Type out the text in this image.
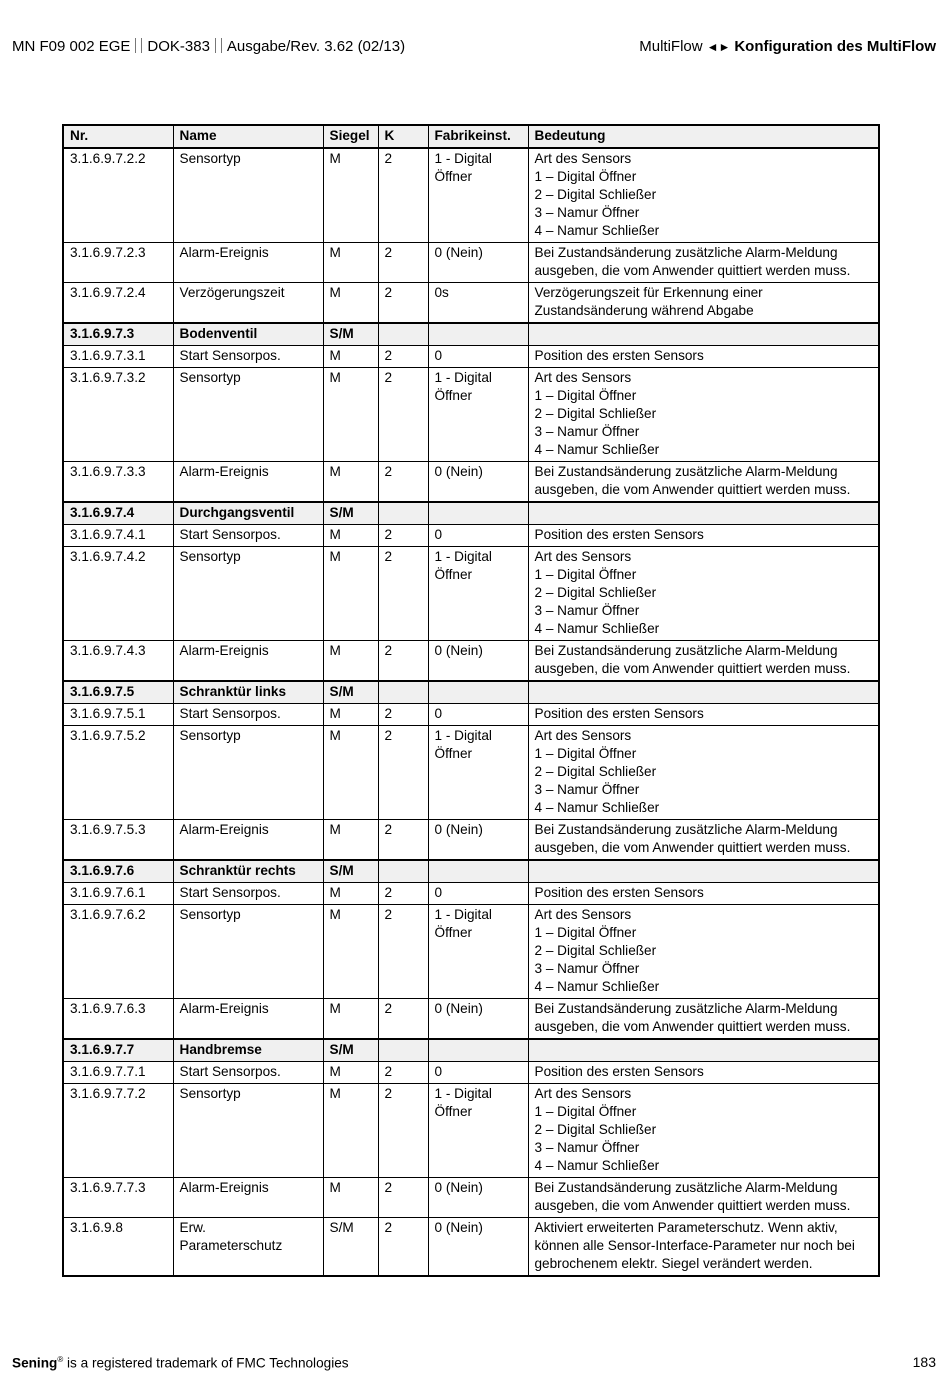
MN F09 002 EGE DOK-383 Ausgabe/Rev. 3.62 (02/13)	MultiFlow ◄► Konfiguration des MultiFlow
Nr.	Name	Siegel	K	Fabrikeinst.	Bedeutung
3.1.6.9.7.2.2	Sensortyp	M	2	1 - Digital
Öffner	Art des Sensors
1 – Digital Öffner
2 – Digital Schließer
3 – Namur Öffner
4 – Namur Schließer
3.1.6.9.7.2.3	Alarm-Ereignis	M	2	0 (Nein)	Bei Zustandsänderung zusätzliche Alarm-Meldung
ausgeben, die vom Anwender quittiert werden muss.
3.1.6.9.7.2.4	Verzögerungszeit	M	2	0s	Verzögerungszeit für Erkennung einer
Zustandsänderung während Abgabe
3.1.6.9.7.3	Bodenventil	S/M			
3.1.6.9.7.3.1	Start Sensorpos.	M	2	0	Position des ersten Sensors
3.1.6.9.7.3.2	Sensortyp	M	2	1 - Digital
Öffner	Art des Sensors
1 – Digital Öffner
2 – Digital Schließer
3 – Namur Öffner
4 – Namur Schließer
3.1.6.9.7.3.3	Alarm-Ereignis	M	2	0 (Nein)	Bei Zustandsänderung zusätzliche Alarm-Meldung
ausgeben, die vom Anwender quittiert werden muss.
3.1.6.9.7.4	Durchgangsventil	S/M			
3.1.6.9.7.4.1	Start Sensorpos.	M	2	0	Position des ersten Sensors
3.1.6.9.7.4.2	Sensortyp	M	2	1 - Digital
Öffner	Art des Sensors
1 – Digital Öffner
2 – Digital Schließer
3 – Namur Öffner
4 – Namur Schließer
3.1.6.9.7.4.3	Alarm-Ereignis	M	2	0 (Nein)	Bei Zustandsänderung zusätzliche Alarm-Meldung
ausgeben, die vom Anwender quittiert werden muss.
3.1.6.9.7.5	Schranktür links	S/M			
3.1.6.9.7.5.1	Start Sensorpos.	M	2	0	Position des ersten Sensors
3.1.6.9.7.5.2	Sensortyp	M	2	1 - Digital
Öffner	Art des Sensors
1 – Digital Öffner
2 – Digital Schließer
3 – Namur Öffner
4 – Namur Schließer
3.1.6.9.7.5.3	Alarm-Ereignis	M	2	0 (Nein)	Bei Zustandsänderung zusätzliche Alarm-Meldung
ausgeben, die vom Anwender quittiert werden muss.
3.1.6.9.7.6	Schranktür rechts	S/M			
3.1.6.9.7.6.1	Start Sensorpos.	M	2	0	Position des ersten Sensors
3.1.6.9.7.6.2	Sensortyp	M	2	1 - Digital
Öffner	Art des Sensors
1 – Digital Öffner
2 – Digital Schließer
3 – Namur Öffner
4 – Namur Schließer
3.1.6.9.7.6.3	Alarm-Ereignis	M	2	0 (Nein)	Bei Zustandsänderung zusätzliche Alarm-Meldung
ausgeben, die vom Anwender quittiert werden muss.
3.1.6.9.7.7	Handbremse	S/M			
3.1.6.9.7.7.1	Start Sensorpos.	M	2	0	Position des ersten Sensors
3.1.6.9.7.7.2	Sensortyp	M	2	1 - Digital
Öffner	Art des Sensors
1 – Digital Öffner
2 – Digital Schließer
3 – Namur Öffner
4 – Namur Schließer
3.1.6.9.7.7.3	Alarm-Ereignis	M	2	0 (Nein)	Bei Zustandsänderung zusätzliche Alarm-Meldung
ausgeben, die vom Anwender quittiert werden muss.
3.1.6.9.8	Erw.
Parameterschutz	S/M	2	0 (Nein)	Aktiviert erweiterten Parameterschutz. Wenn aktiv,
können alle Sensor-Interface-Parameter nur noch bei
gebrochenem elektr. Siegel verändert werden.
Sening® is a registered trademark of FMC Technologies	183
